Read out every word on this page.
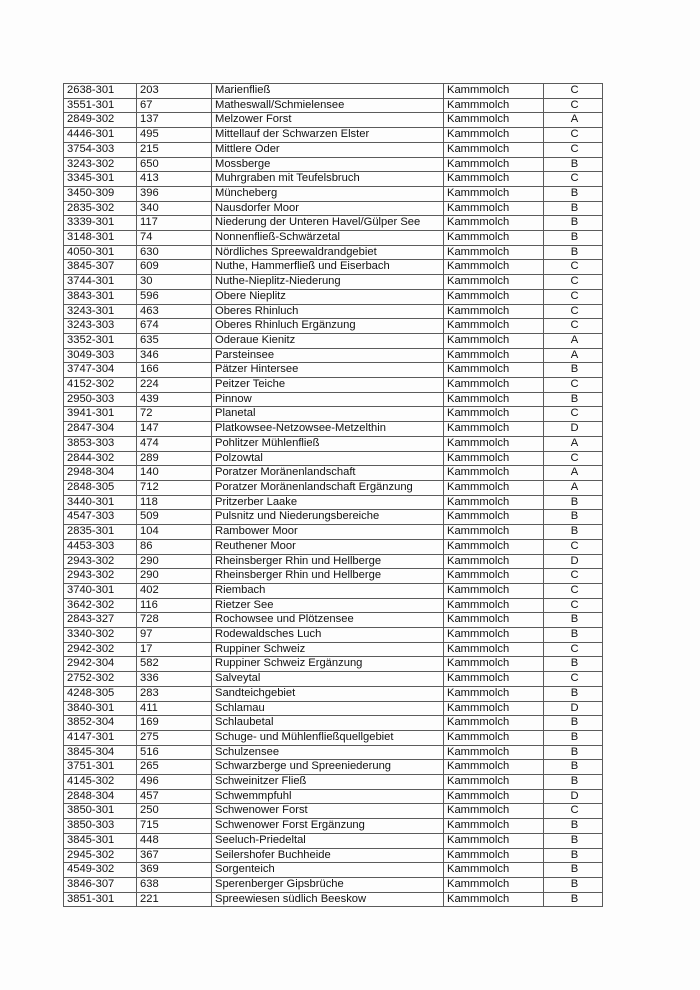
2638-301	203	Marienfließ	Kammmolch	C
3551-301	67	Matheswall/Schmielensee	Kammmolch	C
2849-302	137	Melzower Forst	Kammmolch	A
4446-301	495	Mittellauf der Schwarzen Elster	Kammmolch	C
3754-303	215	Mittlere Oder	Kammmolch	C
3243-302	650	Mossberge	Kammmolch	B
3345-301	413	Muhrgraben mit Teufelsbruch	Kammmolch	C
3450-309	396	Müncheberg	Kammmolch	B
2835-302	340	Nausdorfer Moor	Kammmolch	B
3339-301	117	Niederung der Unteren Havel/Gülper See	Kammmolch	B
3148-301	74	Nonnenfließ-Schwärzetal	Kammmolch	B
4050-301	630	Nördliches Spreewaldrandgebiet	Kammmolch	B
3845-307	609	Nuthe, Hammerfließ und Eiserbach	Kammmolch	C
3744-301	30	Nuthe-Nieplitz-Niederung	Kammmolch	C
3843-301	596	Obere Nieplitz	Kammmolch	C
3243-301	463	Oberes Rhinluch	Kammmolch	C
3243-303	674	Oberes Rhinluch Ergänzung	Kammmolch	C
3352-301	635	Oderaue Kienitz	Kammmolch	A
3049-303	346	Parsteinsee	Kammmolch	A
3747-304	166	Pätzer Hintersee	Kammmolch	B
4152-302	224	Peitzer Teiche	Kammmolch	C
2950-303	439	Pinnow	Kammmolch	B
3941-301	72	Planetal	Kammmolch	C
2847-304	147	Platkowsee-Netzowsee-Metzelthin	Kammmolch	D
3853-303	474	Pohlitzer Mühlenfließ	Kammmolch	A
2844-302	289	Polzowtal	Kammmolch	C
2948-304	140	Poratzer Moränenlandschaft	Kammmolch	A
2848-305	712	Poratzer Moränenlandschaft Ergänzung	Kammmolch	A
3440-301	118	Pritzerber Laake	Kammmolch	B
4547-303	509	Pulsnitz und Niederungsbereiche	Kammmolch	B
2835-301	104	Rambower Moor	Kammmolch	B
4453-303	86	Reuthener Moor	Kammmolch	C
2943-302	290	Rheinsberger Rhin und Hellberge	Kammmolch	D
2943-302	290	Rheinsberger Rhin und Hellberge	Kammmolch	C
3740-301	402	Riembach	Kammmolch	C
3642-302	116	Rietzer See	Kammmolch	C
2843-327	728	Rochowsee und Plötzensee	Kammmolch	B
3340-302	97	Rodewaldsches Luch	Kammmolch	B
2942-302	17	Ruppiner Schweiz	Kammmolch	C
2942-304	582	Ruppiner Schweiz Ergänzung	Kammmolch	B
2752-302	336	Salveytal	Kammmolch	C
4248-305	283	Sandteichgebiet	Kammmolch	B
3840-301	411	Schlamau	Kammmolch	D
3852-304	169	Schlaubetal	Kammmolch	B
4147-301	275	Schuge- und Mühlenfließquellgebiet	Kammmolch	B
3845-304	516	Schulzensee	Kammmolch	B
3751-301	265	Schwarzberge und Spreeniederung	Kammmolch	B
4145-302	496	Schweinitzer Fließ	Kammmolch	B
2848-304	457	Schwemmpfuhl	Kammmolch	D
3850-301	250	Schwenower Forst	Kammmolch	C
3850-303	715	Schwenower Forst Ergänzung	Kammmolch	B
3845-301	448	Seeluch-Priedeltal	Kammmolch	B
2945-302	367	Seilershofer Buchheide	Kammmolch	B
4549-302	369	Sorgenteich	Kammmolch	B
3846-307	638	Sperenberger Gipsbrüche	Kammmolch	B
3851-301	221	Spreewiesen südlich Beeskow	Kammmolch	B
